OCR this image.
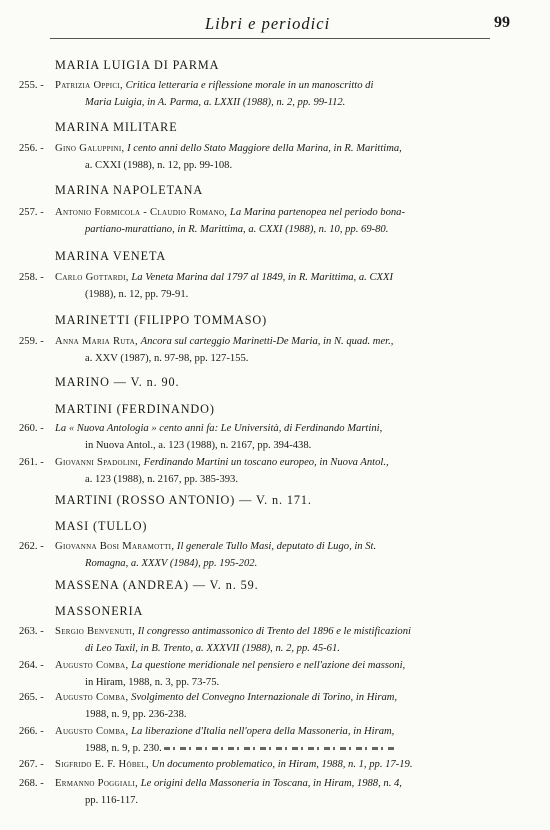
Libri e periodici	99
MARIA LUIGIA DI PARMA
255. -	Patrizia Oppici, Critica letteraria e riflessione morale in un manoscritto di
Maria Luigia, in A. Parma, a. LXXII (1988), n. 2, pp. 99-112.
MARINA MILITARE
256. -	Gino Galuppini, I cento anni dello Stato Maggiore della Marina, in R. Marittima,
a. CXXI (1988), n. 12, pp. 99-108.
MARINA NAPOLETANA
257. -	Antonio Formicola - Claudio Romano, La Marina partenopea nel periodo bona-
partiano-murattiano, in R. Marittima, a. CXXI (1988), n. 10, pp. 69-80.
MARINA VENETA
258. -	Carlo Gottardi, La Veneta Marina dal 1797 al 1849, in R. Marittima, a. CXXI
(1988), n. 12, pp. 79-91.
MARINETTI (FILIPPO TOMMASO)
259. -	Anna Maria Ruta, Ancora sul carteggio Marinetti-De Maria, in N. quad. mer.,
a. XXV (1987), n. 97-98, pp. 127-155.
MARINO — V. n. 90.
MARTINI (FERDINANDO)
260. -	La « Nuova Antologia » cento anni fa: Le Università, di Ferdinando Martini,
in Nuova Antol., a. 123 (1988), n. 2167, pp. 394-438.
261. -	Giovanni Spadolini, Ferdinando Martini un toscano europeo, in Nuova Antol.,
a. 123 (1988), n. 2167, pp. 385-393.
MARTINI (ROSSO ANTONIO) — V. n. 171.
MASI (TULLO)
262. -	Giovanna Bosi Maramotti, Il generale Tullo Masi, deputato di Lugo, in St.
Romagna, a. XXXV (1984), pp. 195-202.
MASSENA (ANDREA) — V. n. 59.
MASSONERIA
263. -	Sergio Benvenuti, Il congresso antimassonico di Trento del 1896 e le mistificazioni
di Leo Taxil, in B. Trento, a. XXXVII (1988), n. 2, pp. 45-61.
264. -	Augusto Comba, La questione meridionale nel pensiero e nell'azione dei massoni,
in Hiram, 1988, n. 3, pp. 73-75.
265. -	Augusto Comba, Svolgimento del Convegno Internazionale di Torino, in Hiram,
1988, n. 9, pp. 236-238.
266. -	Augusto Comba, La liberazione d'Italia nell'opera della Massoneria, in Hiram,
1988, n. 9, p. 230.
267. -	Sigfrido E. F. Höbel, Un documento problematico, in Hiram, 1988, n. 1, pp. 17-19.
268. -	Ermanno Poggiali, Le origini della Massoneria in Toscana, in Hiram, 1988, n. 4,
pp. 116-117.
